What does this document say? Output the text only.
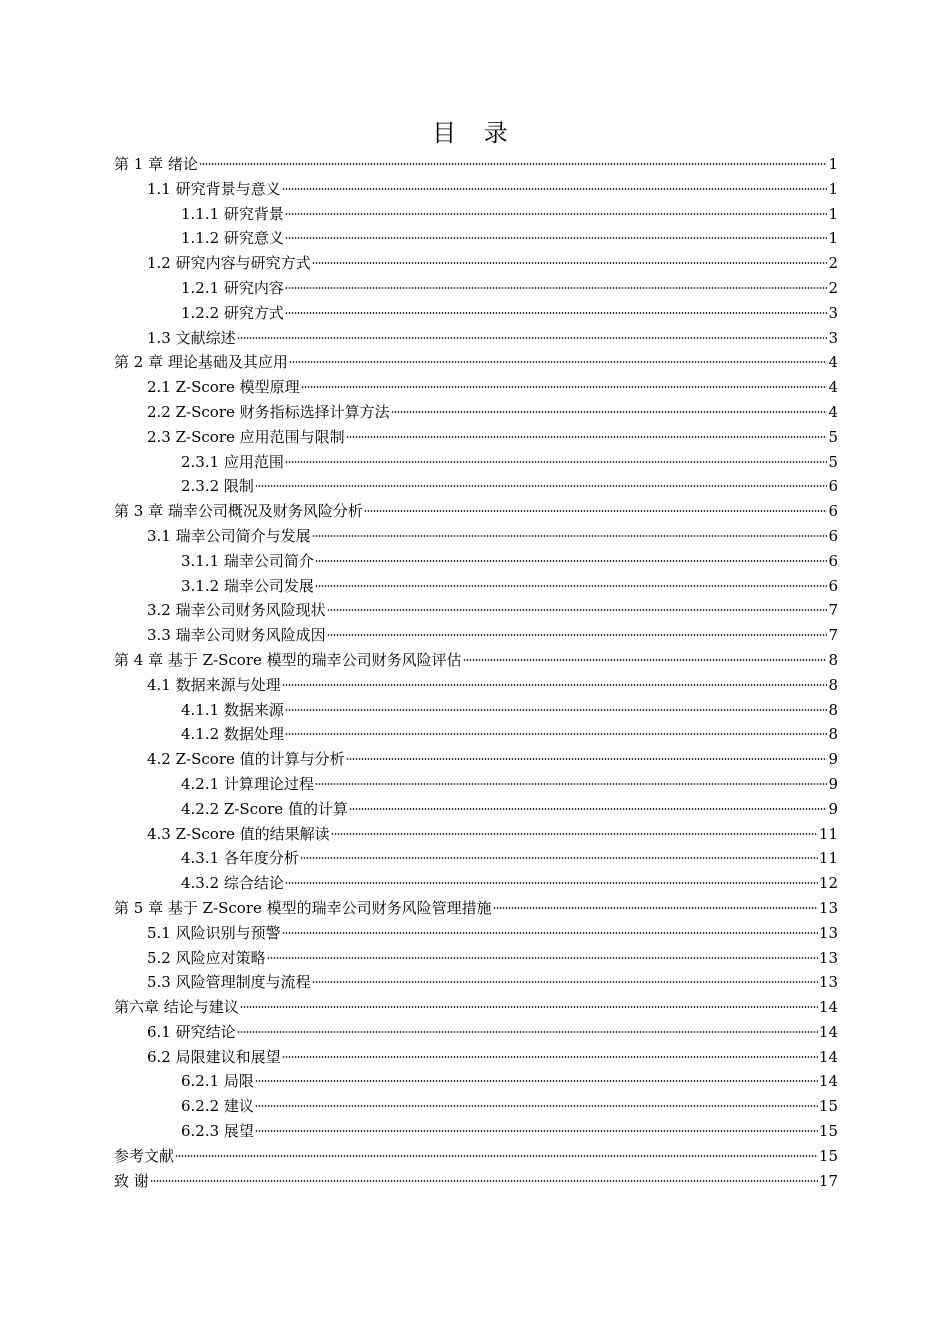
目 录
第 1 章 绪论	1
1.1 研究背景与意义	1
1.1.1 研究背景	1
1.1.2 研究意义	1
1.2 研究内容与研究方式	2
1.2.1 研究内容	2
1.2.2 研究方式	3
1.3 文献综述	3
第 2 章 理论基础及其应用	4
2.1 Z-Score 模型原理	4
2.2 Z-Score 财务指标选择计算方法	4
2.3 Z-Score 应用范围与限制	5
2.3.1 应用范围	5
2.3.2 限制	6
第 3 章 瑞幸公司概况及财务风险分析	6
3.1 瑞幸公司简介与发展	6
3.1.1 瑞幸公司简介	6
3.1.2 瑞幸公司发展	6
3.2 瑞幸公司财务风险现状	7
3.3 瑞幸公司财务风险成因	7
第 4 章 基于 Z-Score 模型的瑞幸公司财务风险评估	8
4.1 数据来源与处理	8
4.1.1 数据来源	8
4.1.2 数据处理	8
4.2 Z-Score 值的计算与分析	9
4.2.1 计算理论过程	9
4.2.2 Z-Score 值的计算	9
4.3 Z-Score 值的结果解读	11
4.3.1 各年度分析	11
4.3.2 综合结论	12
第 5 章 基于 Z-Score 模型的瑞幸公司财务风险管理措施	13
5.1 风险识别与预警	13
5.2 风险应对策略	13
5.3 风险管理制度与流程	13
第六章 结论与建议	14
6.1 研究结论	14
6.2 局限建议和展望	14
6.2.1 局限	14
6.2.2 建议	15
6.2.3 展望	15
参考文献	15
致 谢	17
